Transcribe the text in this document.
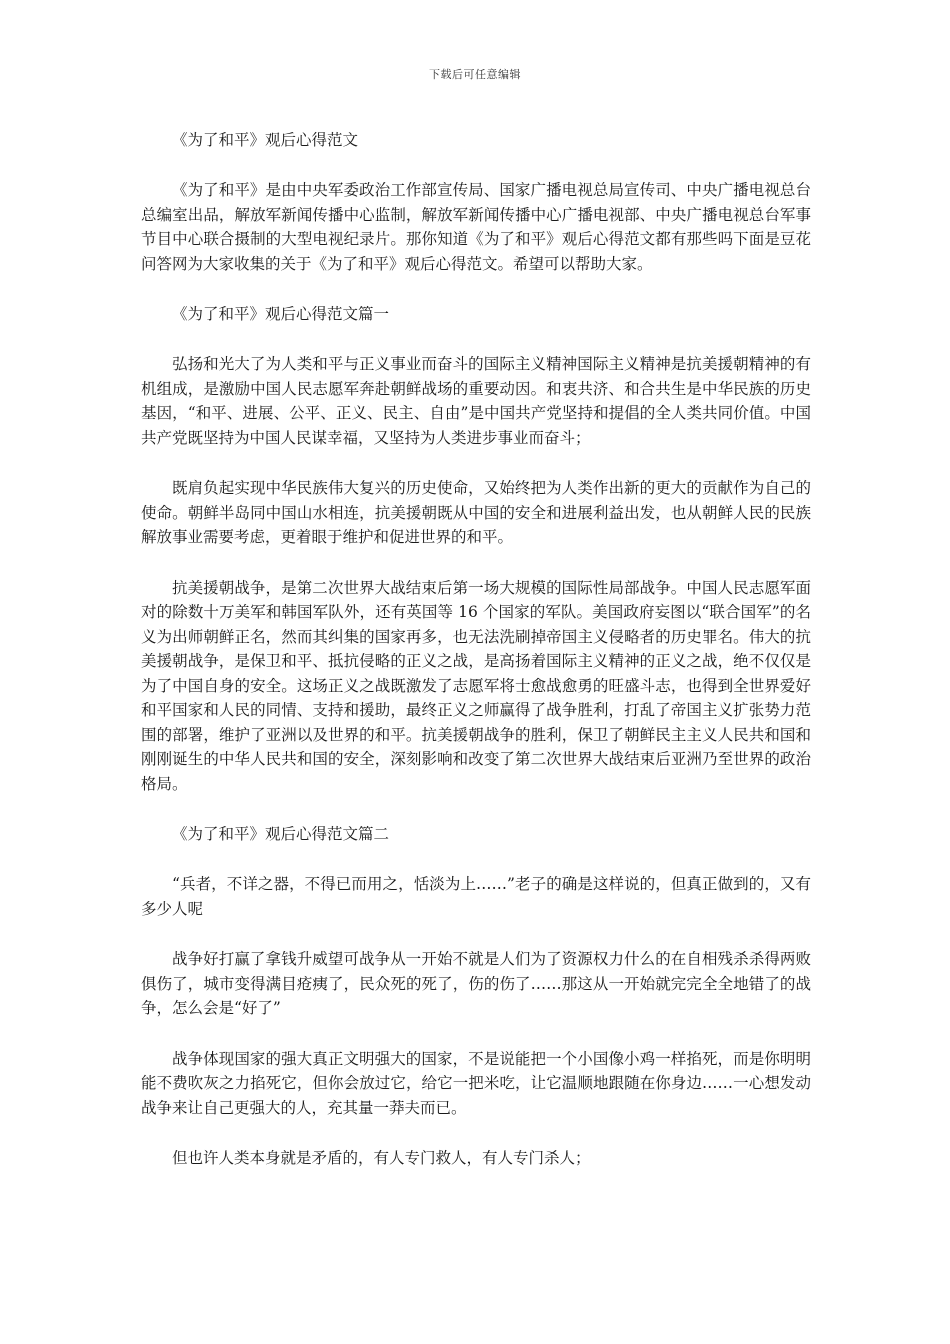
下载后可任意编辑

《为了和平》观后心得范文

《为了和平》是由中央军委政治工作部宣传局、国家广播电视总局宣传司、中央广播电视总台总编室出品，解放军新闻传播中心监制，解放军新闻传播中心广播电视部、中央广播电视总台军事节目中心联合摄制的大型电视纪录片。那你知道《为了和平》观后心得范文都有那些吗下面是豆花问答网为大家收集的关于《为了和平》观后心得范文。希望可以帮助大家。

《为了和平》观后心得范文篇一

弘扬和光大了为人类和平与正义事业而奋斗的国际主义精神国际主义精神是抗美援朝精神的有机组成，是激励中国人民志愿军奔赴朝鲜战场的重要动因。和衷共济、和合共生是中华民族的历史基因，“和平、进展、公平、正义、民主、自由”是中国共产党坚持和提倡的全人类共同价值。中国共产党既坚持为中国人民谋幸福，又坚持为人类进步事业而奋斗；

既肩负起实现中华民族伟大复兴的历史使命，又始终把为人类作出新的更大的贡献作为自己的使命。朝鲜半岛同中国山水相连，抗美援朝既从中国的安全和进展利益出发，也从朝鲜人民的民族解放事业需要考虑，更着眼于维护和促进世界的和平。

抗美援朝战争，是第二次世界大战结束后第一场大规模的国际性局部战争。中国人民志愿军面对的除数十万美军和韩国军队外，还有英国等 16 个国家的军队。美国政府妄图以“联合国军”的名义为出师朝鲜正名，然而其纠集的国家再多，也无法洗刷掉帝国主义侵略者的历史罪名。伟大的抗美援朝战争，是保卫和平、抵抗侵略的正义之战，是高扬着国际主义精神的正义之战，绝不仅仅是为了中国自身的安全。这场正义之战既激发了志愿军将士愈战愈勇的旺盛斗志，也得到全世界爱好和平国家和人民的同情、支持和援助，最终正义之师赢得了战争胜利，打乱了帝国主义扩张势力范围的部署，维护了亚洲以及世界的和平。抗美援朝战争的胜利，保卫了朝鲜民主主义人民共和国和刚刚诞生的中华人民共和国的安全，深刻影响和改变了第二次世界大战结束后亚洲乃至世界的政治格局。

《为了和平》观后心得范文篇二

“兵者，不详之器，不得已而用之，恬淡为上……”老子的确是这样说的，但真正做到的，又有多少人呢

战争好打赢了拿钱升威望可战争从一开始不就是人们为了资源权力什么的在自相残杀杀得两败俱伤了，城市变得满目疮痍了，民众死的死了，伤的伤了……那这从一开始就完完全全地错了的战争，怎么会是“好了”

战争体现国家的强大真正文明强大的国家，不是说能把一个小国像小鸡一样掐死，而是你明明能不费吹灰之力掐死它，但你会放过它，给它一把米吃，让它温顺地跟随在你身边……一心想发动战争来让自己更强大的人，充其量一莽夫而已。

但也许人类本身就是矛盾的，有人专门救人，有人专门杀人；
